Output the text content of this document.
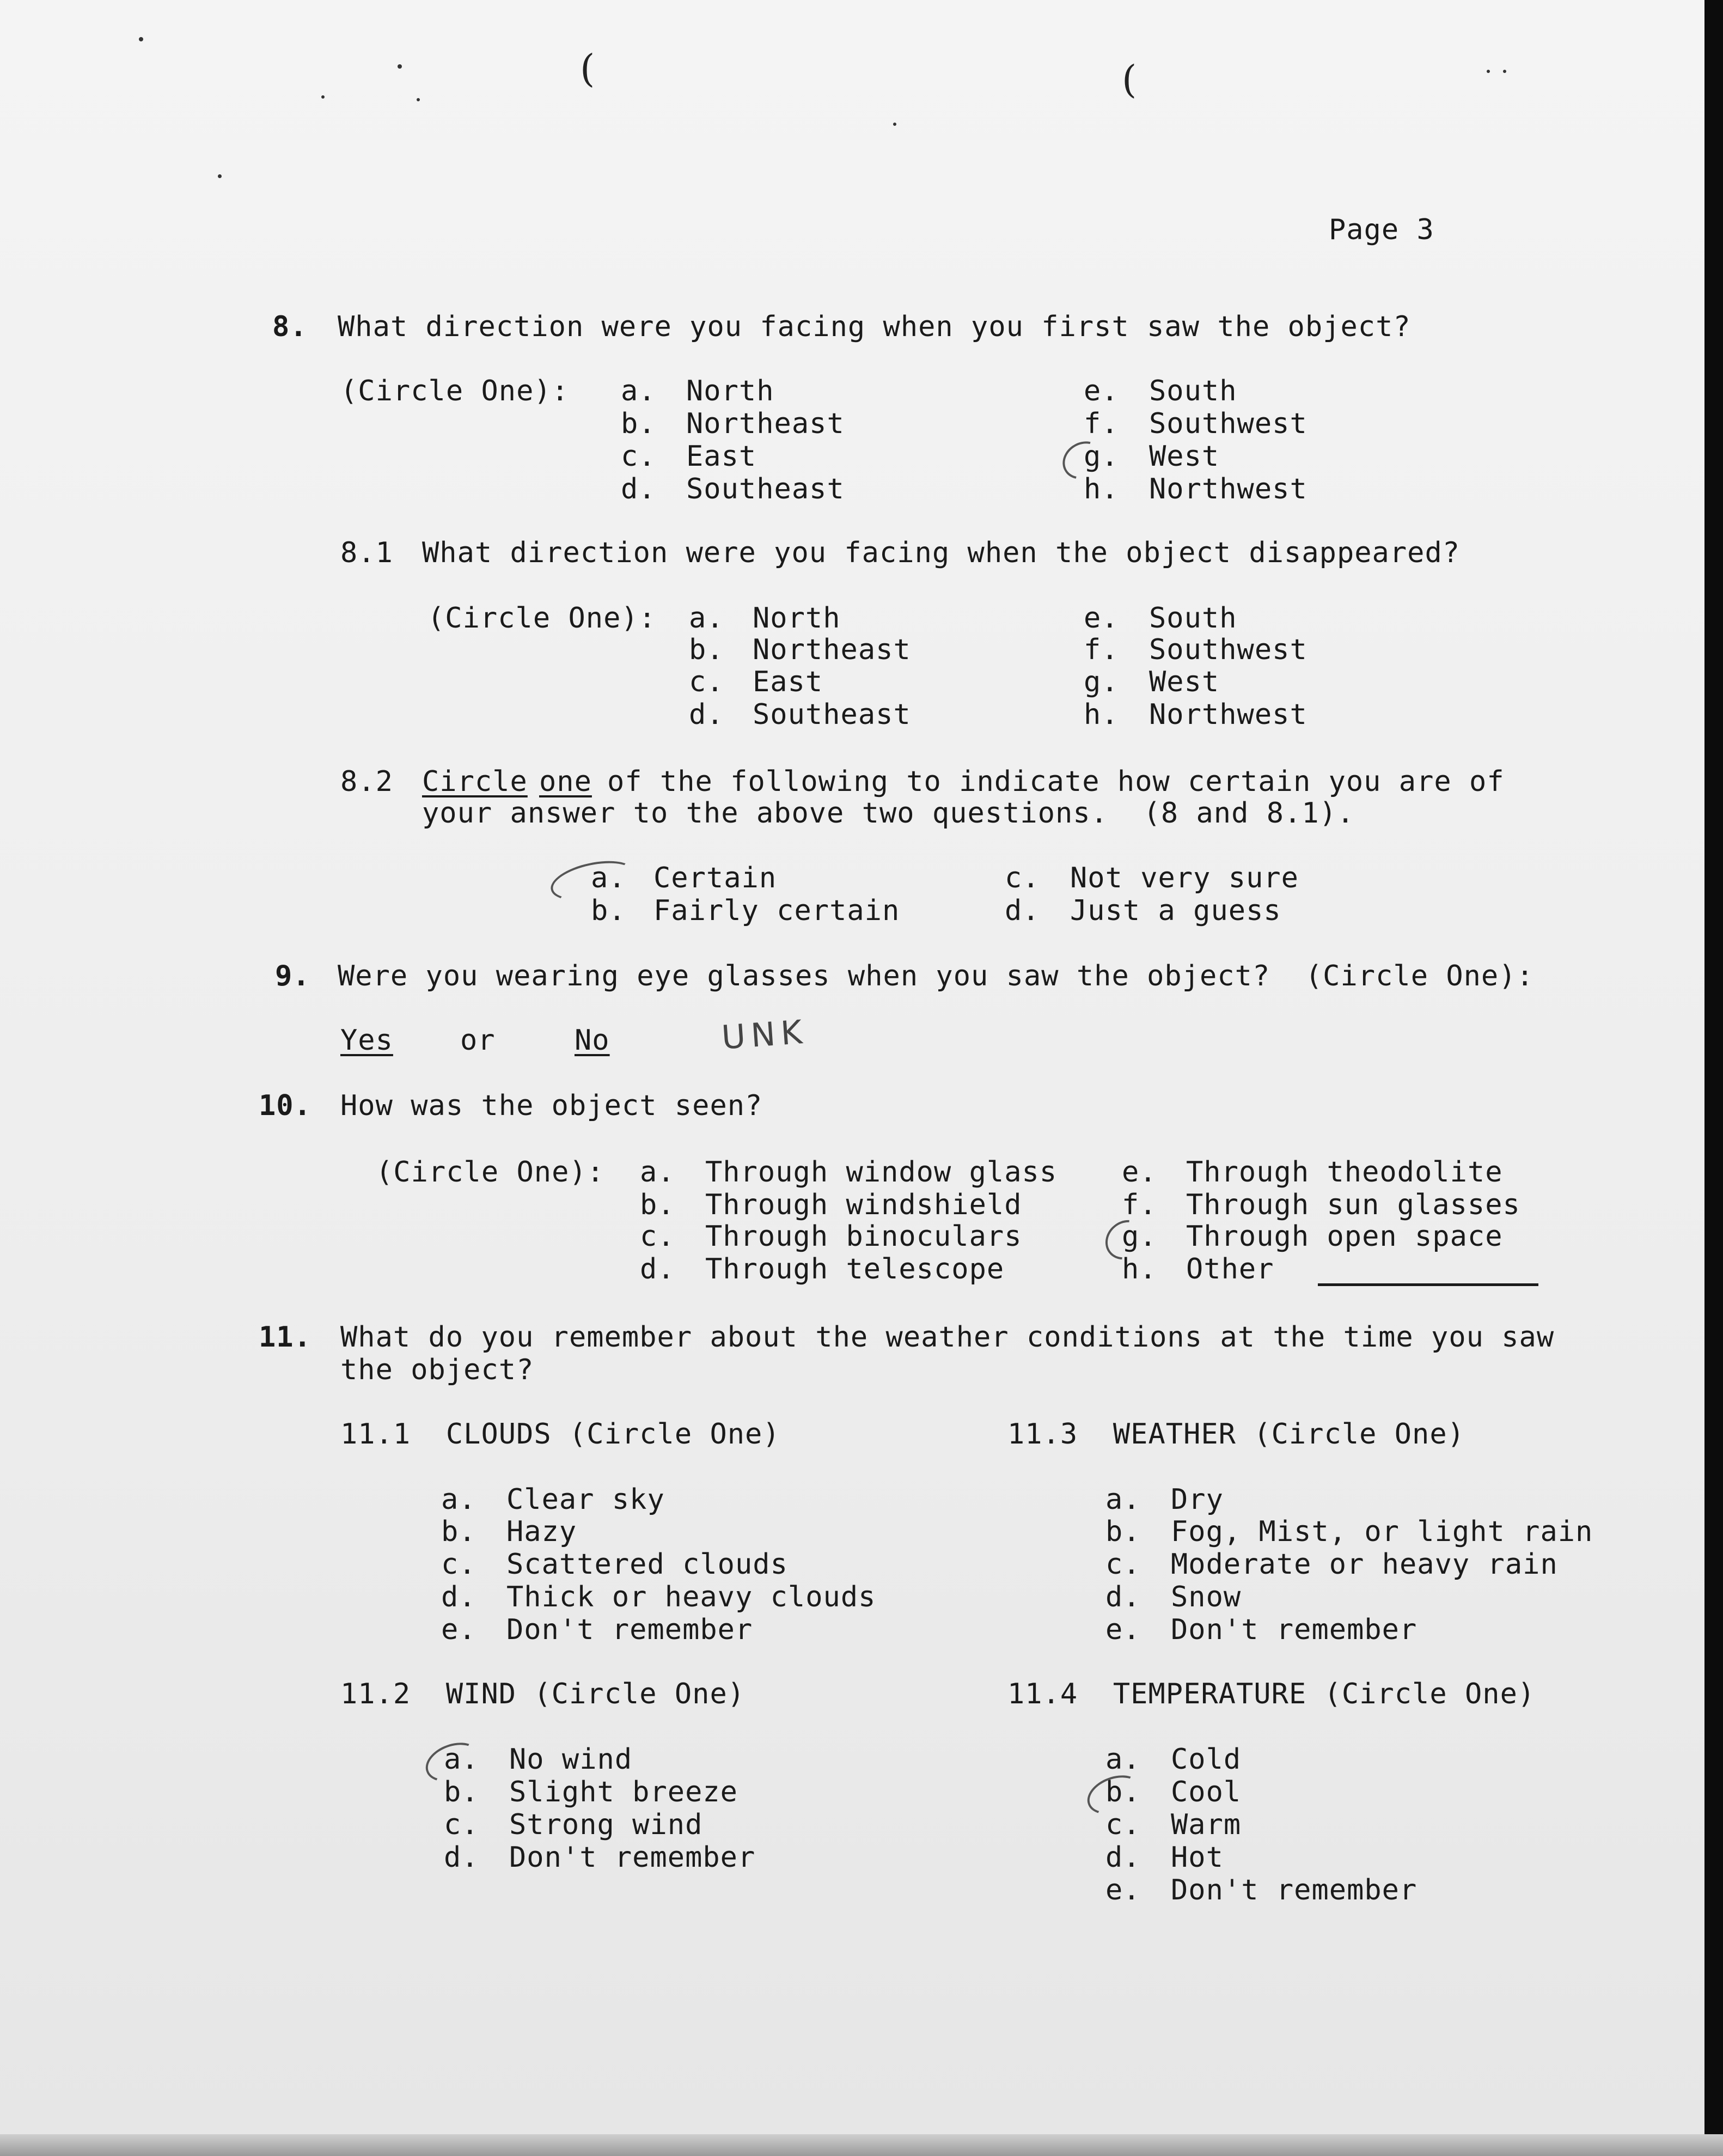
(	(
Page 3
8. What direction were you facing when you first saw the object?
(Circle One): a. North
b. Northeast
c. East
d. Southeast
e. South
f. Southwest
g. West
h. Northwest
8.1 What direction were you facing when the object disappeared?
(Circle One): a. North
b. Northeast
c. East
d. Southeast
e. South
f. Southwest
g. West
h. Northwest
8.2 Circle one of the following to indicate how certain you are of
your answer to the above two questions.  (8 and 8.1).
a. Certain
b. Fairly certain
c. Not very sure
d. Just a guess
9. Were you wearing eye glasses when you saw the object?  (Circle One):
Yes or	No	UNK
10. How was the object seen?
(Circle One): a. Through window glass
b. Through windshield
c. Through binoculars
d. Through telescope
e. Through theodolite
f. Through sun glasses
g. Through open space
h. Other
11. What do you remember about the weather conditions at the time you saw
the object?
11.1  CLOUDS (Circle One)
a. Clear sky
b. Hazy
c. Scattered clouds
d. Thick or heavy clouds
e. Don't remember
11.3  WEATHER (Circle One)
a. Dry
b. Fog, Mist, or light rain
c. Moderate or heavy rain
d. Snow
e. Don't remember
11.2  WIND (Circle One)
a. No wind
b. Slight breeze
c. Strong wind
d. Don't remember
11.4  TEMPERATURE (Circle One)
a. Cold
b. Cool
c. Warm
d. Hot
e. Don't remember
